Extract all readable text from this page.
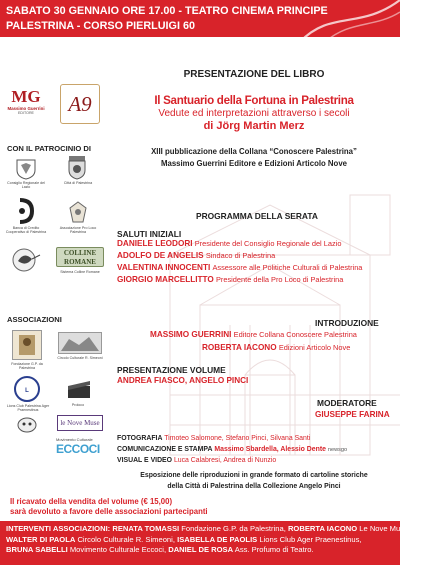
SABATO 30 GENNAIO ORE 17.00 - TEATRO CINEMA PRINCIPE
PALESTRINA - CORSO PIERLUIGI 60
MG
Massimo Guerrini
EDITORE	A9
CON IL PATROCINIO DI
Consiglio Regionale del Lazio
Città di Palestrina
Banca di Credito Cooperativo di Palestrina
Associazione Pro Loco Palestrina
COLLINE ROMANE
Sistema Colline Romane
ASSOCIAZIONI
Fondazione G.P. da Palestrina
Circolo Culturale R. Simeoni
L
Lions Club Palestrina Ager Praenestinus
Proloco
le Nove Muse
Movimento Culturale
ECCOCI
PRESENTAZIONE DEL LIBRO
Il Santuario della Fortuna in Palestrina
Vedute ed interpretazioni attraverso i secoli
di Jörg Martin Merz
XIII pubblicazione della Collana “Conoscere Palestrina”
Massimo Guerrini Editore e Edizioni Articolo Nove
PROGRAMMA DELLA SERATA
SALUTI INIZIALI
DANIELE LEODORI Presidente del Consiglio Regionale del Lazio
ADOLFO DE ANGELIS Sindaco di Palestrina
VALENTINA INNOCENTI Assessore alle Politiche Culturali di Palestrina
GIORGIO MARCELLITTO Presidente della Pro Loco di Palestrina
INTRODUZIONE
MASSIMO GUERRINI Editore Collana Conoscere Palestrina
ROBERTA IACONO Edizioni Articolo Nove
PRESENTAZIONE VOLUME
ANDREA FIASCO, ANGELO PINCI
MODERATORE
GIUSEPPE FARINA
FOTOGRAFIA Timoteo Salomone, Stefano Pinci, Silvana Santi
COMUNICAZIONE E STAMPA Massimo Sbardella, Alessio Dente newsgo
VISUAL E VIDEO Luca Calabresi, Andrea di Nunzio
Esposizione delle riproduzioni in grande formato di cartoline storiche
della Città di Palestrina della Collezione Angelo Pinci
Il ricavato della vendita del volume (€ 15,00)
sarà devoluto a favore delle associazioni partecipanti
INTERVENTI ASSOCIAZIONI: RENATA TOMASSI Fondazione G.P. da Palestrina, ROBERTA IACONO Le Nove Muse onlus,
WALTER DI PAOLA Circolo Culturale R. Simeoni, ISABELLA DE PAOLIS Lions Club Ager Praenestinus,
BRUNA SABELLI Movimento Culturale Eccoci, DANIEL DE ROSA Ass. Profumo di Teatro.
